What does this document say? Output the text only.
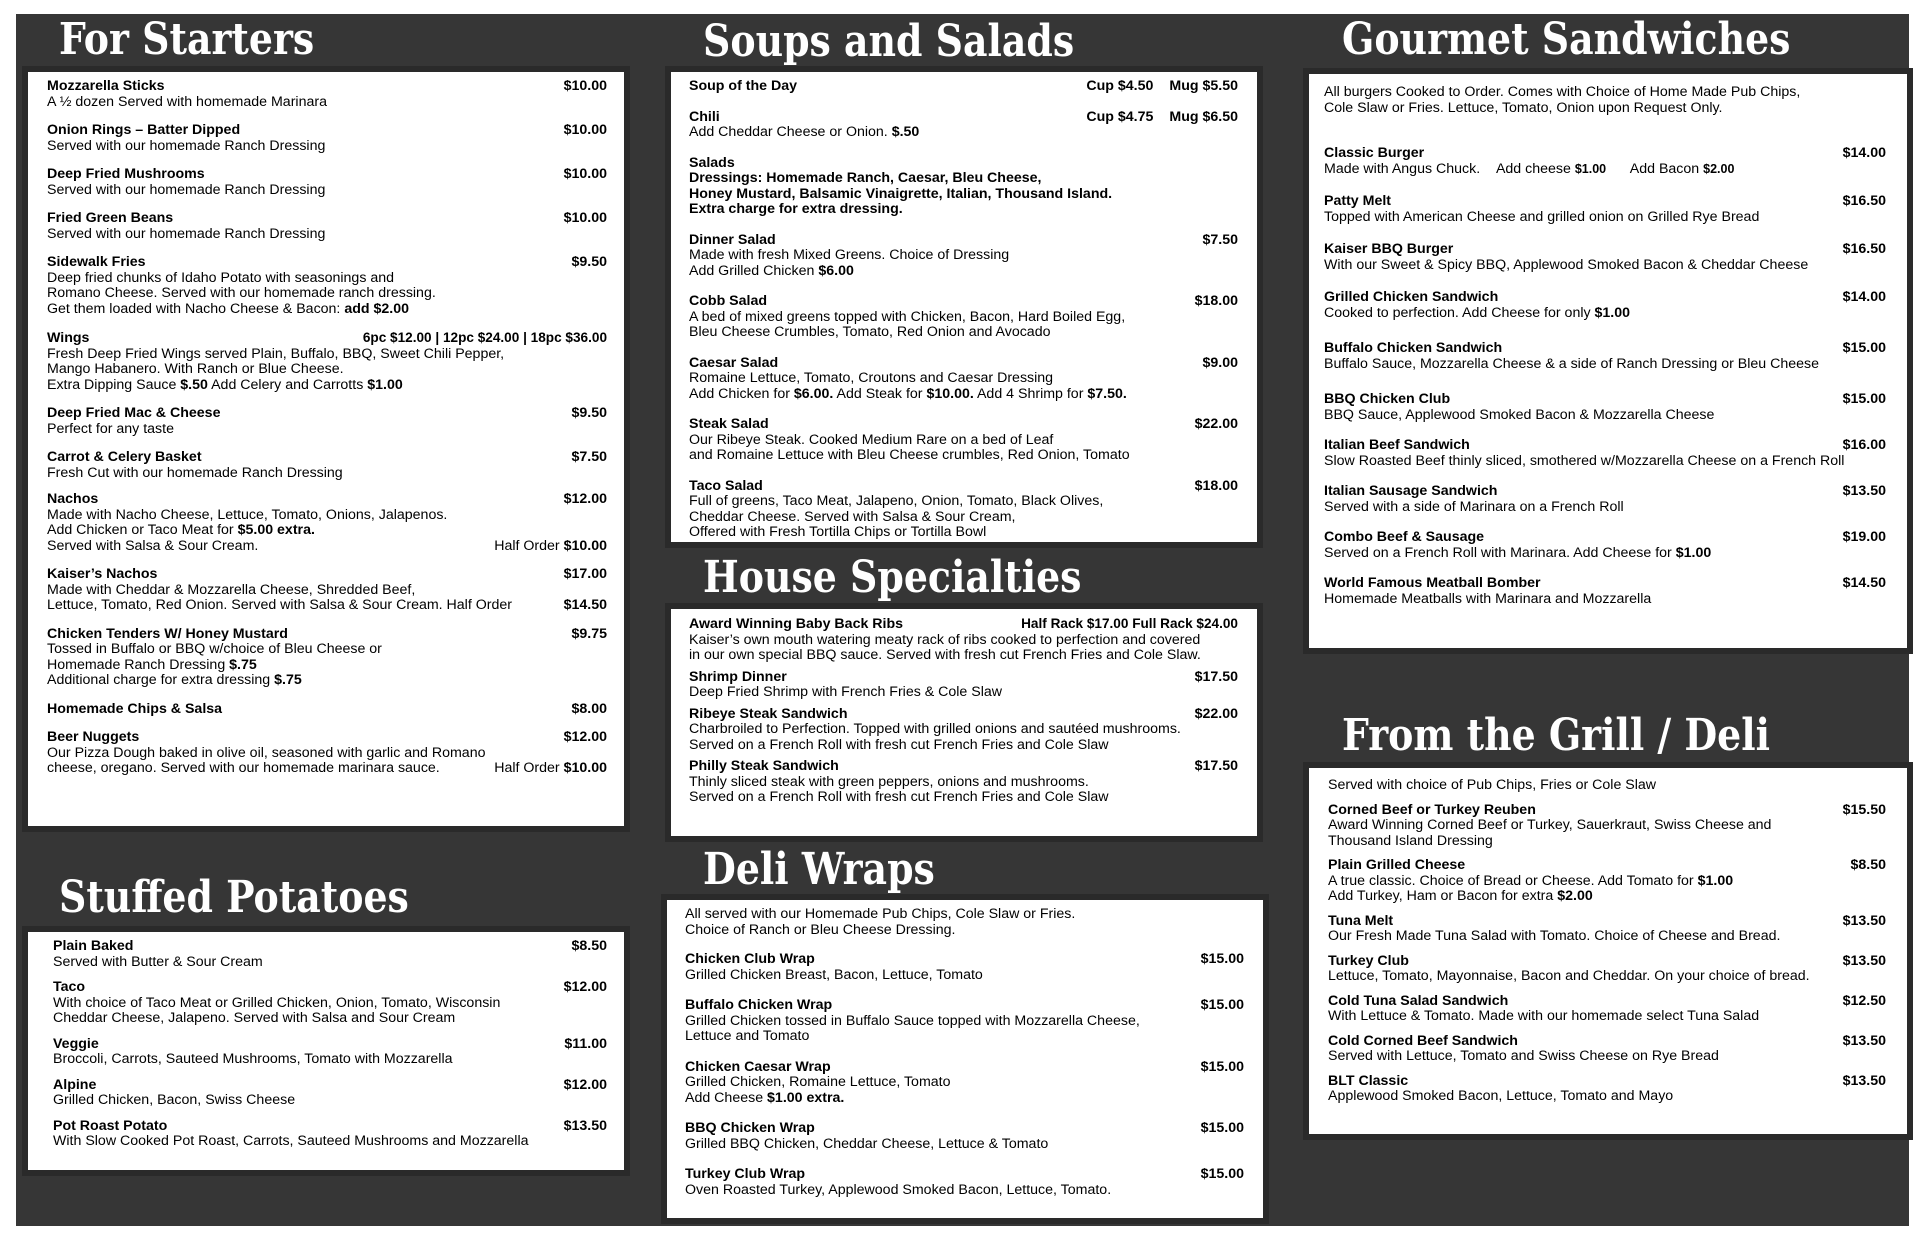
For Starters
Mozzarella Sticks	$10.00
A ½ dozen Served with homemade Marinara
Onion Rings – Batter Dipped	$10.00
Served with our homemade Ranch Dressing
Deep Fried Mushrooms	$10.00
Served with our homemade Ranch Dressing
Fried Green Beans	$10.00
Served with our homemade Ranch Dressing
Sidewalk Fries	$9.50
Deep fried chunks of Idaho Potato with seasonings and
Romano Cheese. Served with our homemade ranch dressing.
Get them loaded with Nacho Cheese & Bacon: add $2.00
Wings	6pc $12.00 | 12pc $24.00 | 18pc $36.00
Fresh Deep Fried Wings served Plain, Buffalo, BBQ, Sweet Chili Pepper,
Mango Habanero. With Ranch or Blue Cheese.
Extra Dipping Sauce $.50 Add Celery and Carrotts $1.00
Deep Fried Mac & Cheese	$9.50
Perfect for any taste
Carrot & Celery Basket	$7.50
Fresh Cut with our homemade Ranch Dressing
Nachos	$12.00
Made with Nacho Cheese, Lettuce, Tomato, Onions, Jalapenos.
Add Chicken or Taco Meat for $5.00 extra.
Served with Salsa & Sour Cream.	Half Order $10.00
Kaiser’s Nachos	$17.00
Made with Cheddar & Mozzarella Cheese, Shredded Beef,
Lettuce, Tomato, Red Onion. Served with Salsa & Sour Cream. Half Order	$14.50
Chicken Tenders W/ Honey Mustard	$9.75
Tossed in Buffalo or BBQ w/choice of Bleu Cheese or
Homemade Ranch Dressing $.75
Additional charge for extra dressing $.75
Homemade Chips & Salsa	$8.00
Beer Nuggets	$12.00
Our Pizza Dough baked in olive oil, seasoned with garlic and Romano
cheese, oregano. Served with our homemade marinara sauce.	Half Order $10.00
Stuffed Potatoes
Plain Baked	$8.50
Served with Butter & Sour Cream
Taco	$12.00
With choice of Taco Meat or Grilled Chicken, Onion, Tomato, Wisconsin
Cheddar Cheese, Jalapeno. Served with Salsa and Sour Cream
Veggie	$11.00
Broccoli, Carrots, Sauteed Mushrooms, Tomato with Mozzarella
Alpine	$12.00
Grilled Chicken, Bacon, Swiss Cheese
Pot Roast Potato	$13.50
With Slow Cooked Pot Roast, Carrots, Sauteed Mushrooms and Mozzarella
Soups and Salads
Soup of the Day	Cup $4.50 Mug $5.50
Chili	Cup $4.75 Mug $6.50
Add Cheddar Cheese or Onion. $.50
Salads
Dressings: Homemade Ranch, Caesar, Bleu Cheese,
Honey Mustard, Balsamic Vinaigrette, Italian, Thousand Island.
Extra charge for extra dressing.
Dinner Salad	$7.50
Made with fresh Mixed Greens. Choice of Dressing
Add Grilled Chicken $6.00
Cobb Salad	$18.00
A bed of mixed greens topped with Chicken, Bacon, Hard Boiled Egg,
Bleu Cheese Crumbles, Tomato, Red Onion and Avocado
Caesar Salad	$9.00
Romaine Lettuce, Tomato, Croutons and Caesar Dressing
Add Chicken for $6.00. Add Steak for $10.00. Add 4 Shrimp for $7.50.
Steak Salad	$22.00
Our Ribeye Steak. Cooked Medium Rare on a bed of Leaf
and Romaine Lettuce with Bleu Cheese crumbles, Red Onion, Tomato
Taco Salad	$18.00
Full of greens, Taco Meat, Jalapeno, Onion, Tomato, Black Olives,
Cheddar Cheese. Served with Salsa & Sour Cream,
Offered with Fresh Tortilla Chips or Tortilla Bowl
House Specialties
Award Winning Baby Back Ribs	Half Rack $17.00 Full Rack $24.00
Kaiser’s own mouth watering meaty rack of ribs cooked to perfection and covered
in our own special BBQ sauce. Served with fresh cut French Fries and Cole Slaw.
Shrimp Dinner	$17.50
Deep Fried Shrimp with French Fries & Cole Slaw
Ribeye Steak Sandwich	$22.00
Charbroiled to Perfection. Topped with grilled onions and sautéed mushrooms.
Served on a French Roll with fresh cut French Fries and Cole Slaw
Philly Steak Sandwich	$17.50
Thinly sliced steak with green peppers, onions and mushrooms.
Served on a French Roll with fresh cut French Fries and Cole Slaw
Deli Wraps
All served with our Homemade Pub Chips, Cole Slaw or Fries.
Choice of Ranch or Bleu Cheese Dressing.
Chicken Club Wrap	$15.00
Grilled Chicken Breast, Bacon, Lettuce, Tomato
Buffalo Chicken Wrap	$15.00
Grilled Chicken tossed in Buffalo Sauce topped with Mozzarella Cheese,
Lettuce and Tomato
Chicken Caesar Wrap	$15.00
Grilled Chicken, Romaine Lettuce, Tomato
Add Cheese $1.00 extra.
BBQ Chicken Wrap	$15.00
Grilled BBQ Chicken, Cheddar Cheese, Lettuce & Tomato
Turkey Club Wrap	$15.00
Oven Roasted Turkey, Applewood Smoked Bacon, Lettuce, Tomato.
Gourmet Sandwiches
All burgers Cooked to Order. Comes with Choice of Home Made Pub Chips,
Cole Slaw or Fries. Lettuce, Tomato, Onion upon Request Only.
Classic Burger	$14.00
Made with Angus Chuck. Add cheese $1.00 Add Bacon $2.00
Patty Melt	$16.50
Topped with American Cheese and grilled onion on Grilled Rye Bread
Kaiser BBQ Burger	$16.50
With our Sweet & Spicy BBQ, Applewood Smoked Bacon & Cheddar Cheese
Grilled Chicken Sandwich	$14.00
Cooked to perfection. Add Cheese for only $1.00
Buffalo Chicken Sandwich	$15.00
Buffalo Sauce, Mozzarella Cheese & a side of Ranch Dressing or Bleu Cheese
BBQ Chicken Club	$15.00
BBQ Sauce, Applewood Smoked Bacon & Mozzarella Cheese
Italian Beef Sandwich	$16.00
Slow Roasted Beef thinly sliced, smothered w/Mozzarella Cheese on a French Roll
Italian Sausage Sandwich	$13.50
Served with a side of Marinara on a French Roll
Combo Beef & Sausage	$19.00
Served on a French Roll with Marinara. Add Cheese for $1.00
World Famous Meatball Bomber	$14.50
Homemade Meatballs with Marinara and Mozzarella
From the Grill / Deli
Served with choice of Pub Chips, Fries or Cole Slaw
Corned Beef or Turkey Reuben	$15.50
Award Winning Corned Beef or Turkey, Sauerkraut, Swiss Cheese and
Thousand Island Dressing
Plain Grilled Cheese	$8.50
A true classic. Choice of Bread or Cheese. Add Tomato for $1.00
Add Turkey, Ham or Bacon for extra $2.00
Tuna Melt	$13.50
Our Fresh Made Tuna Salad with Tomato. Choice of Cheese and Bread.
Turkey Club	$13.50
Lettuce, Tomato, Mayonnaise, Bacon and Cheddar. On your choice of bread.
Cold Tuna Salad Sandwich	$12.50
With Lettuce & Tomato. Made with our homemade select Tuna Salad
Cold Corned Beef Sandwich	$13.50
Served with Lettuce, Tomato and Swiss Cheese on Rye Bread
BLT Classic	$13.50
Applewood Smoked Bacon, Lettuce, Tomato and Mayo
